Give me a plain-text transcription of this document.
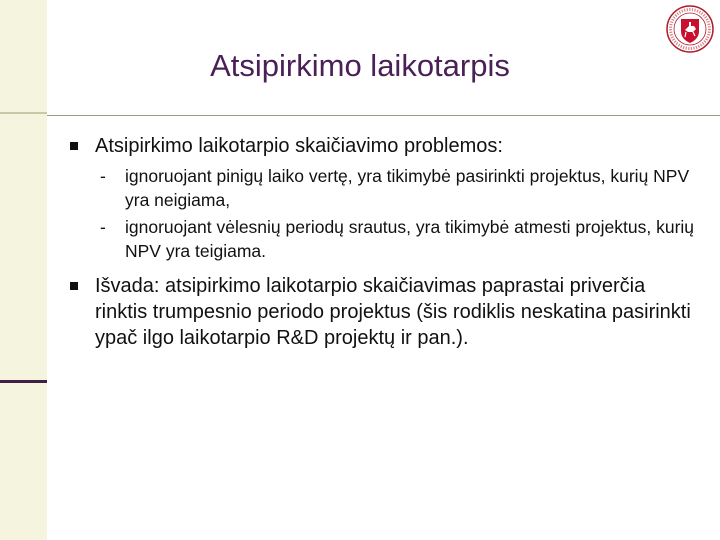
Atsipirkimo laikotarpis
Atsipirkimo laikotarpio skaičiavimo problemos:
- ignoruojant pinigų laiko vertę, yra tikimybė pasirinkti projektus, kurių NPV yra neigiama,
- ignoruojant vėlesnių periodų srautus, yra tikimybė atmesti projektus, kurių NPV yra teigiama.
Išvada: atsipirkimo laikotarpio skaičiavimas paprastai priverčia rinktis trumpesnio periodo projektus (šis rodiklis neskatina pasirinkti ypač ilgo laikotarpio R&D projektų ir pan.).
